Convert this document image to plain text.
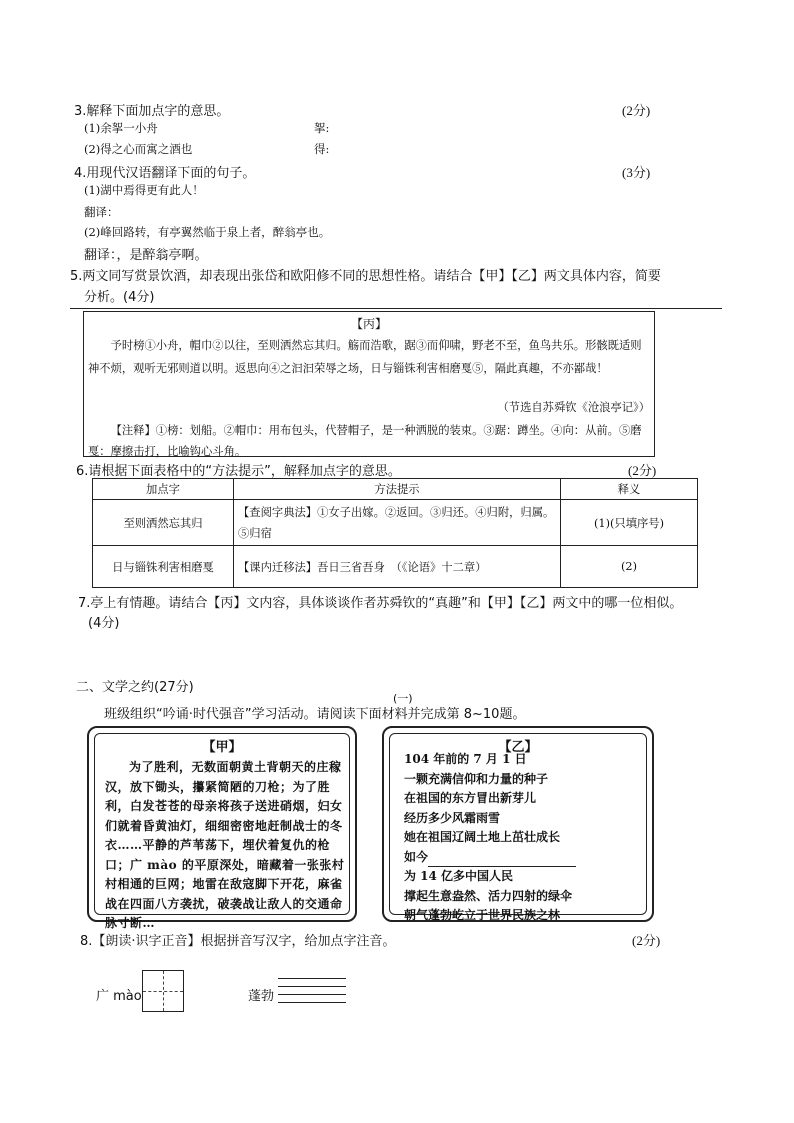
3.解释下面加点字的意思。	(2分)
(1)余挐一小舟	挐:
(2)得之心而寓之酒也	得:
4.用现代汉语翻译下面的句子。	(3分)
(1)湖中焉得更有此人！
翻译：
(2)峰回路转，有亭翼然临于泉上者，醉翁亭也。
翻译：，是醉翁亭啊。
5.两文同写赏景饮酒，却表现出张岱和欧阳修不同的思想性格。请结合【甲】【乙】两文具体内容，简要
分析。(4分)
【丙】
予时榜①小舟，帽巾②以往，至则洒然忘其归。觞而浩歌，踞③而仰啸，野老不至，鱼鸟共乐。形骸既适则神不烦，观听无邪则道以明。返思向④之汩汩荣辱之场，日与锱铢利害相磨戛⑤，隔此真趣，不亦鄙哉！
（节选自苏舜钦《沧浪亭记》）
【注释】①榜：划船。②帽巾：用布包头，代替帽子，是一种洒脱的装束。③踞：蹲坐。④向：从前。⑤磨戛：摩擦击打，比喻钩心斗角。
6.请根据下面表格中的“方法提示”，解释加点字的意思。	(2分)
加点字	方法提示	释义
至则洒然忘其归	【查阅字典法】①女子出嫁。②返回。③归还。④归附，归属。⑤归宿	(1)(只填序号)
日与锱铢利害相磨戛	【课内迁移法】吾日三省吾身　（《论语》十二章）	(2)
7.亭上有情趣。请结合【丙】文内容，具体谈谈作者苏舜钦的“真趣”和【甲】【乙】两文中的哪一位相似。
(4分)
二、文学之约(27分)
(一)
班级组织“吟诵·时代强音”学习活动。请阅读下面材料并完成第 8~10题。
【甲】
为了胜利，无数面朝黄土背朝天的庄稼汉，放下锄头，攥紧简陋的刀枪；为了胜利，白发苍苍的母亲将孩子送进硝烟，妇女们就着昏黄油灯，细细密密地赶制战士的冬衣……平静的芦苇荡下，埋伏着复仇的枪口；广 mào 的平原深处，暗藏着一张张村村相通的巨网；地雷在敌寇脚下开花，麻雀战在四面八方袭扰，破袭战让敌人的交通命脉寸断…
【乙】
104 年前的 7 月 1 日
一颗充满信仰和力量的种子
在祖国的东方冒出新芽儿
经历多少风霜雨雪
她在祖国辽阔土地上茁壮成长
如今
为 14 亿多中国人民
撑起生意盎然、活力四射的绿伞
朝气蓬勃屹立于世界民族之林
8.【朗读·识字正音】根据拼音写汉字，给加点字注音。	(2分)
广 mào	蓬勃
